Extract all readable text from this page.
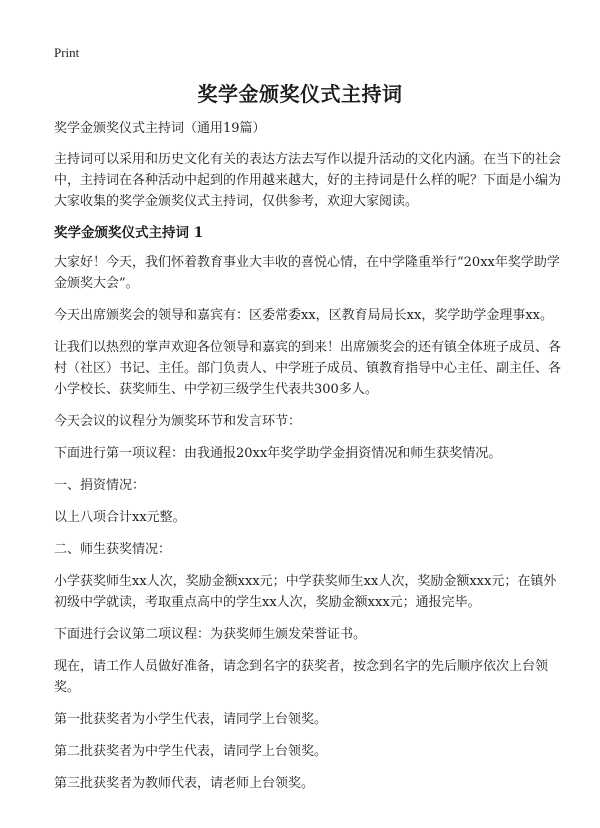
Print
奖学金颁奖仪式主持词

奖学金颁奖仪式主持词（通用19篇）

主持词可以采用和历史文化有关的表达方法去写作以提升活动的文化内涵。在当下的社会中，主持词在各种活动中起到的作用越来越大，好的主持词是什么样的呢？下面是小编为大家收集的奖学金颁奖仪式主持词，仅供参考，欢迎大家阅读。

奖学金颁奖仪式主持词 1

大家好！今天，我们怀着教育事业大丰收的喜悦心情，在中学隆重举行“20xx年奖学助学金颁奖大会”。

今天出席颁奖会的领导和嘉宾有：区委常委xx，区教育局局长xx，奖学助学金理事xx。

让我们以热烈的掌声欢迎各位领导和嘉宾的到来！出席颁奖会的还有镇全体班子成员、各村（社区）书记、主任。部门负责人、中学班子成员、镇教育指导中心主任、副主任、各小学校长、获奖师生、中学初三级学生代表共300多人。

今天会议的议程分为颁奖环节和发言环节：

下面进行第一项议程：由我通报20xx年奖学助学金捐资情况和师生获奖情况。

一、捐资情况：

以上八项合计xx元整。

二、师生获奖情况：

小学获奖师生xx人次，奖励金额xxx元；中学获奖师生xx人次，奖励金额xxx元；在镇外初级中学就读，考取重点高中的学生xx人次，奖励金额xxx元；通报完毕。

下面进行会议第二项议程：为获奖师生颁发荣誉证书。

现在，请工作人员做好准备，请念到名字的获奖者，按念到名字的先后顺序依次上台领奖。

第一批获奖者为小学生代表，请同学上台领奖。

第二批获奖者为中学生代表，请同学上台领奖。

第三批获奖者为教师代表，请老师上台领奖。
